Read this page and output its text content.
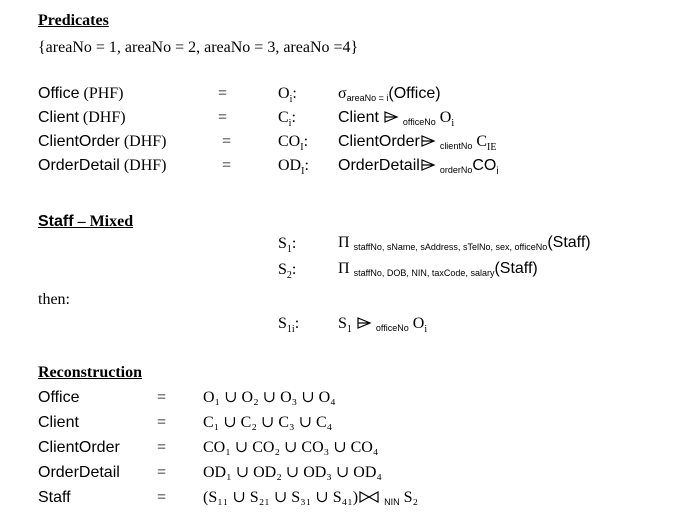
Predicates
{areaNo = 1, areaNo = 2, areaNo = 3, areaNo =4}
Office (PHF)	=	$O_i$:	$\sigma_{areaNo = i}(Office)$
Client (DHF)	=	$C_i$:	Client	$_{officeNo}$ $O_i$
ClientOrder (DHF)	=	$CO_I$: ClientOrder $_{clientNo}$ $C_{IE}$
OrderDetail (DHF)	=	$OD_I$: OrderDetail $_{orderNo}CO_i$
Staff – Mixed
$S_1$:	Π $_{staffNo, sName, sAddress, sTelNo, sex, officeNo}$(Staff)
$S_2$:	Π $_{staffNo, DOB, NIN, taxCode, salary}$(Staff)
then:
$S_{1i}$: $S_1$	$_{officeNo}$ $O_i$
Reconstruction
Office	= O₁ ∪ O₂ ∪ O₃ ∪ O₄
Client	= C₁ ∪ C₂ ∪ C₃ ∪ C₄
ClientOrder = CO₁ ∪ CO₂ ∪ CO₃ ∪ CO₄
OrderDetail = OD₁ ∪ OD₂ ∪ OD₃ ∪ OD₄
Staff	= (S₁₁ ∪ S₂₁ ∪ S₃₁ ∪ S₄₁)	$_{NIN}$ S₂
